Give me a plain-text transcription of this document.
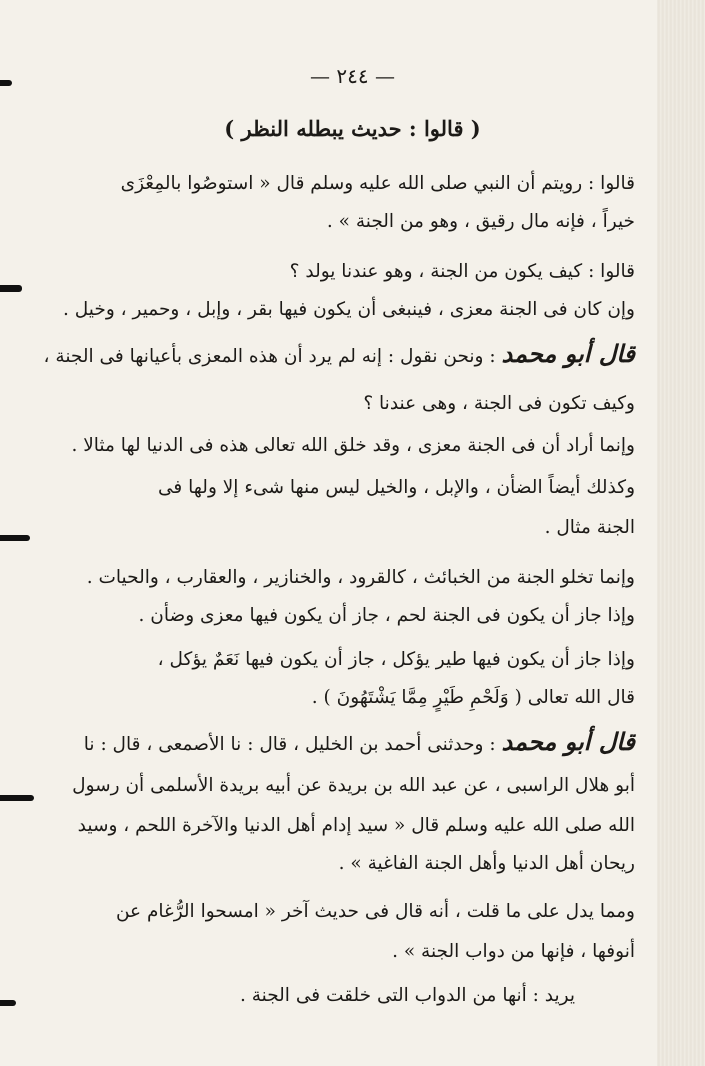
— ٢٤٤ —
( قالوا : حديث يبطله النظر )
قالوا : رويتم أن النبي صلى الله عليه وسلم قال « استوصُوا بالمِعْزَى
خيراً ، فإنه مال رقيق ، وهو من الجنة » .
قالوا : كيف يكون من الجنة ، وهو عندنا يولد ؟
وإن كان فى الجنة معزى ، فينبغى أن يكون فيها بقر ، وإبل ، وحمير ، وخيل .
قال أبو محمد : ونحن نقول : إنه لم يرد أن هذه المعزى بأعيانها فى الجنة ،
وكيف تكون فى الجنة ، وهى عندنا ؟
وإنما أراد أن فى الجنة معزى ، وقد خلق الله تعالى هذه فى الدنيا لها مثالا .
وكذلك أيضاً الضأن ، والإبل ، والخيل ليس منها شىء إلا ولها فى
الجنة مثال .
وإنما تخلو الجنة من الخبائث ، كالقرود ، والخنازير ، والعقارب ، والحيات .
وإذا جاز أن يكون فى الجنة لحم ، جاز أن يكون فيها معزى وضأن .
وإذا جاز أن يكون فيها طير يؤكل ، جاز أن يكون فيها نَعَمٌ يؤكل ،
قال الله تعالى ( وَلَحْمِ طَيْرٍ مِمَّا يَشْتَهُونَ ) .
قال أبو محمد : وحدثنى أحمد بن الخليل ، قال : نا الأصمعى ، قال : نا
أبو هلال الراسبى ، عن عبد الله بن بريدة عن أبيه بريدة الأسلمى أن رسول
الله صلى الله عليه وسلم قال « سيد إدام أهل الدنيا والآخرة اللحم ، وسيد
ريحان أهل الدنيا وأهل الجنة الفاغية » .
ومما يدل على ما قلت ، أنه قال فى حديث آخر « امسحوا الرُّغام عن
أنوفها ، فإنها من دواب الجنة » .
يريد : أنها من الدواب التى خلقت فى الجنة .
